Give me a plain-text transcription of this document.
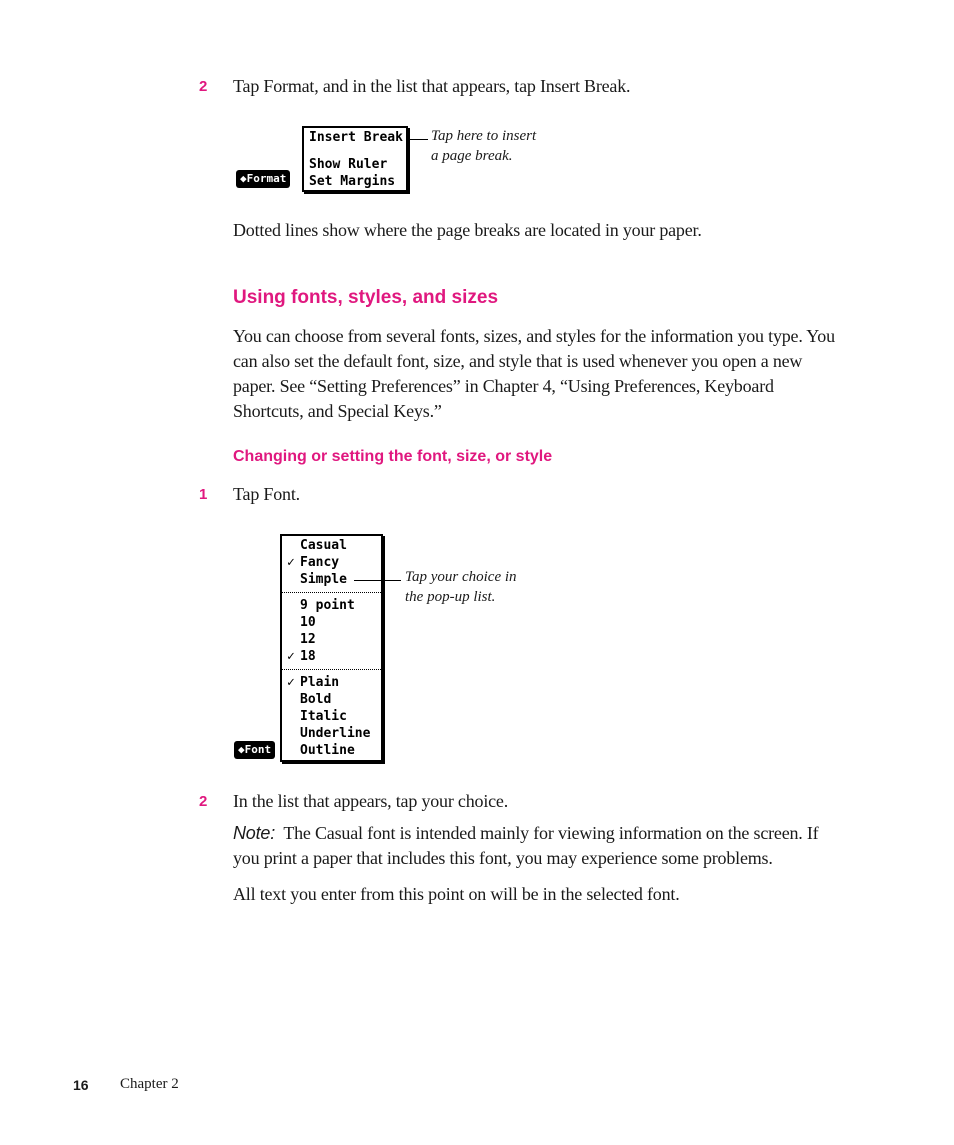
2 Tap Format, and in the list that appears, tap Insert Break.
Insert Break
Show Ruler
Set Margins
◆Format
Tap here to insert
a page break.
Dotted lines show where the page breaks are located in your paper.
Using fonts, styles, and sizes
You can choose from several fonts, sizes, and styles for the information you type. You
can also set the default font, size, and style that is used whenever you open a new
paper. See “Setting Preferences” in Chapter 4, “Using Preferences, Keyboard
Shortcuts, and Special Keys.”
Changing or setting the font, size, or style
1 Tap Font.
Casual
✓ Fancy
Simple
9 point
10
12
✓ 18
✓ Plain
Bold
Italic
Underline
Outline
◆Font
Tap your choice in
the pop-up list.
2 In the list that appears, tap your choice.
Note: The Casual font is intended mainly for viewing information on the screen. If
you print a paper that includes this font, you may experience some problems.
All text you enter from this point on will be in the selected font.
16 Chapter 2
